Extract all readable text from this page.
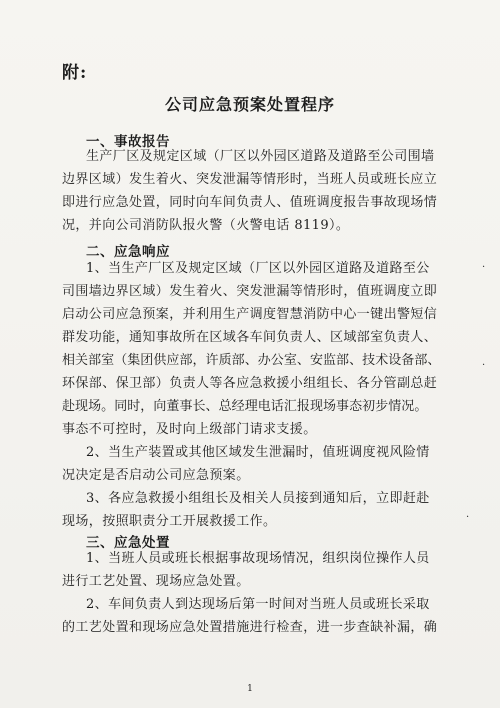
附:
公司应急预案处置程序
一、事故报告
生产厂区及规定区域（厂区以外园区道路及道路至公司围墙
边界区域）发生着火、突发泄漏等情形时，当班人员或班长应立
即进行应急处置，同时向车间负责人、值班调度报告事故现场情
况，并向公司消防队报火警（火警电话 8119）。
二、应急响应
1、当生产厂区及规定区域（厂区以外园区道路及道路至公
司围墙边界区域）发生着火、突发泄漏等情形时，值班调度立即
启动公司应急预案，并利用生产调度智慧消防中心一键出警短信
群发功能，通知事故所在区域各车间负责人、区域部室负责人、
相关部室（集团供应部，许质部、办公室、安监部、技术设备部、
环保部、保卫部）负责人等各应急救援小组组长、各分管副总赶
赴现场。同时，向董事长、总经理电话汇报现场事态初步情况。
事态不可控时，及时向上级部门请求支援。
2、当生产装置或其他区域发生泄漏时，值班调度视风险情
况决定是否启动公司应急预案。
3、各应急救援小组组长及相关人员接到通知后，立即赶赴
现场，按照职责分工开展救援工作。
三、应急处置
1、当班人员或班长根据事故现场情况，组织岗位操作人员
进行工艺处置、现场应急处置。
2、车间负责人到达现场后第一时间对当班人员或班长采取
的工艺处置和现场应急处置措施进行检查，进一步查缺补漏，确
·
·
·
1
